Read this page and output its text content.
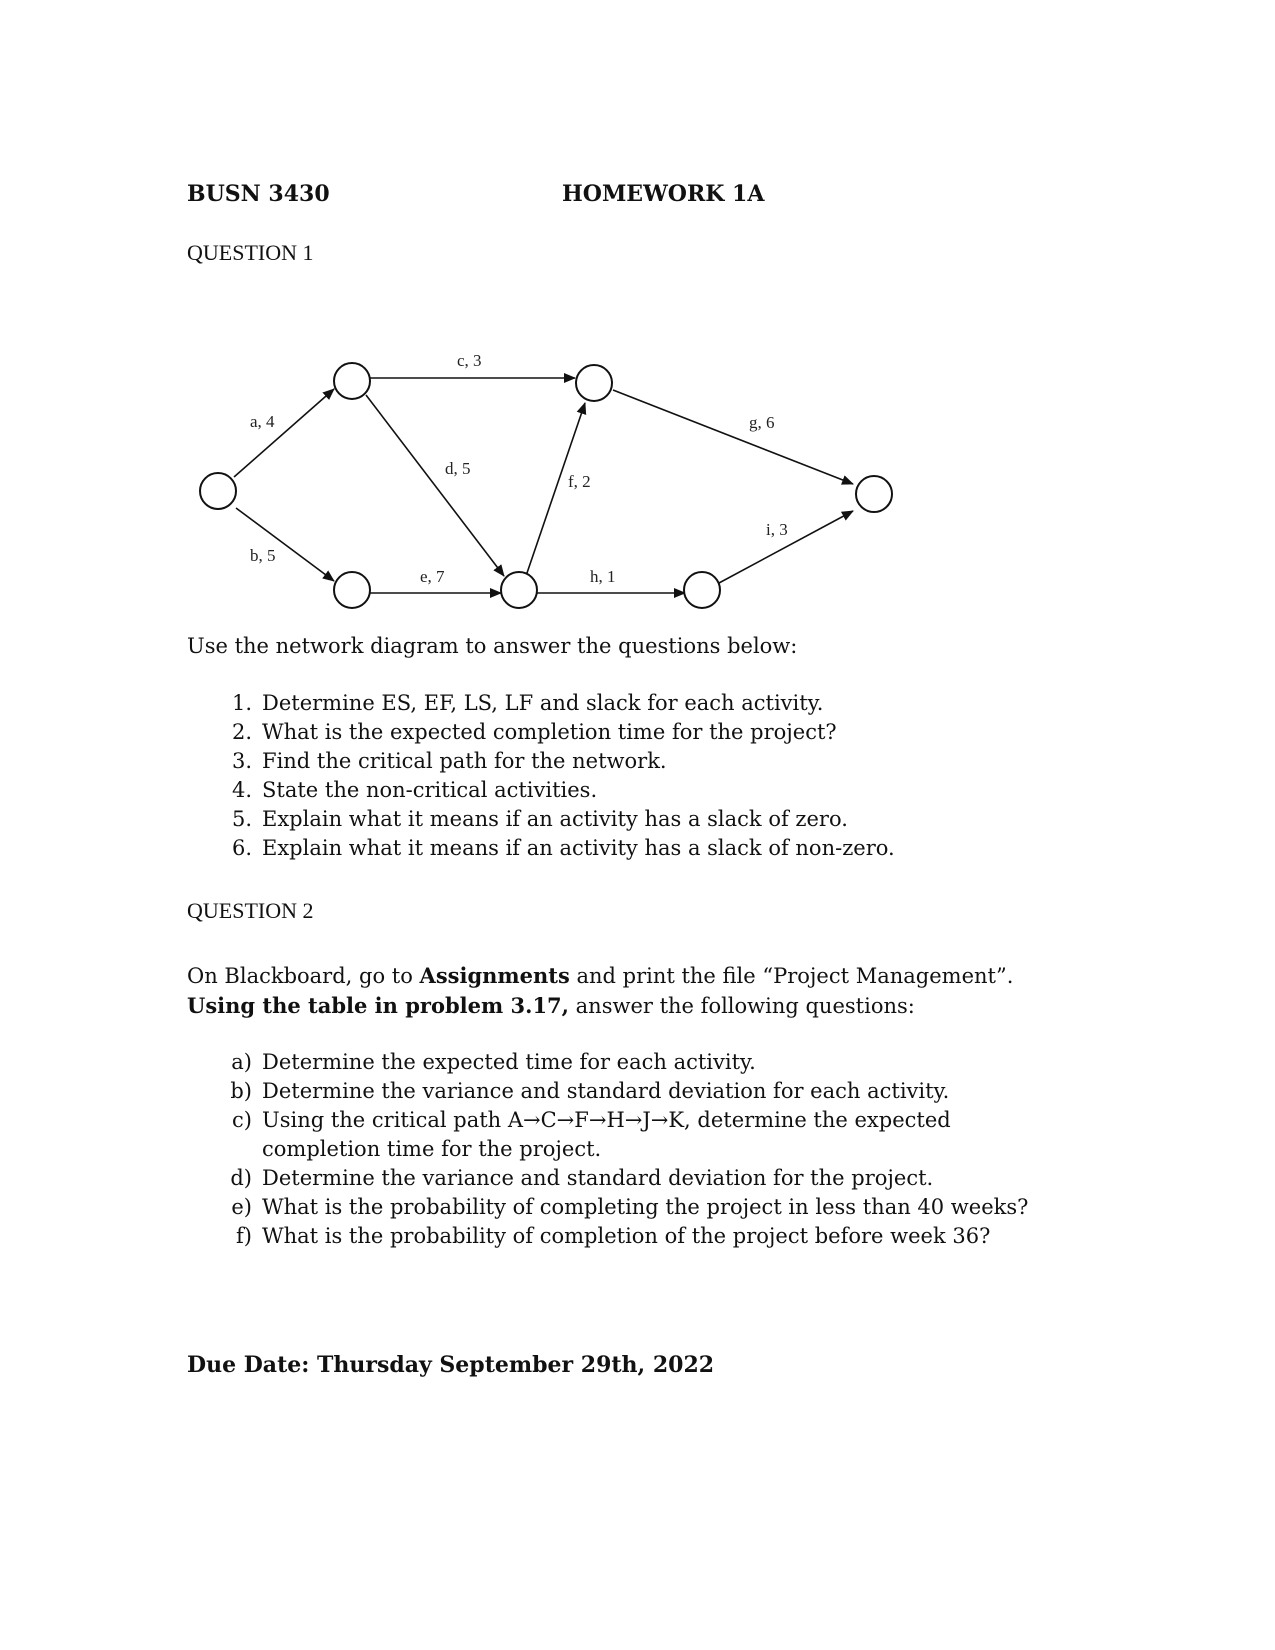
BUSN 3430	HOMEWORK 1A
QUESTION 1
a, 4
b, 5
c, 3
d, 5
e, 7
f, 2
g, 6
h, 1
i, 3
Use the network diagram to answer the questions below:
1. Determine ES, EF, LS, LF and slack for each activity.
2. What is the expected completion time for the project?
3. Find the critical path for the network.
4. State the non-critical activities.
5. Explain what it means if an activity has a slack of zero.
6. Explain what it means if an activity has a slack of non-zero.
QUESTION 2
On Blackboard, go to Assignments and print the file “Project Management”. Using the table in problem 3.17, answer the following questions:
a) Determine the expected time for each activity.
b) Determine the variance and standard deviation for each activity.
c) Using the critical path A→C→F→H→J→K, determine the expected completion time for the project.
d) Determine the variance and standard deviation for the project.
e) What is the probability of completing the project in less than 40 weeks?
f) What is the probability of completion of the project before week 36?
Due Date: Thursday September 29th, 2022
